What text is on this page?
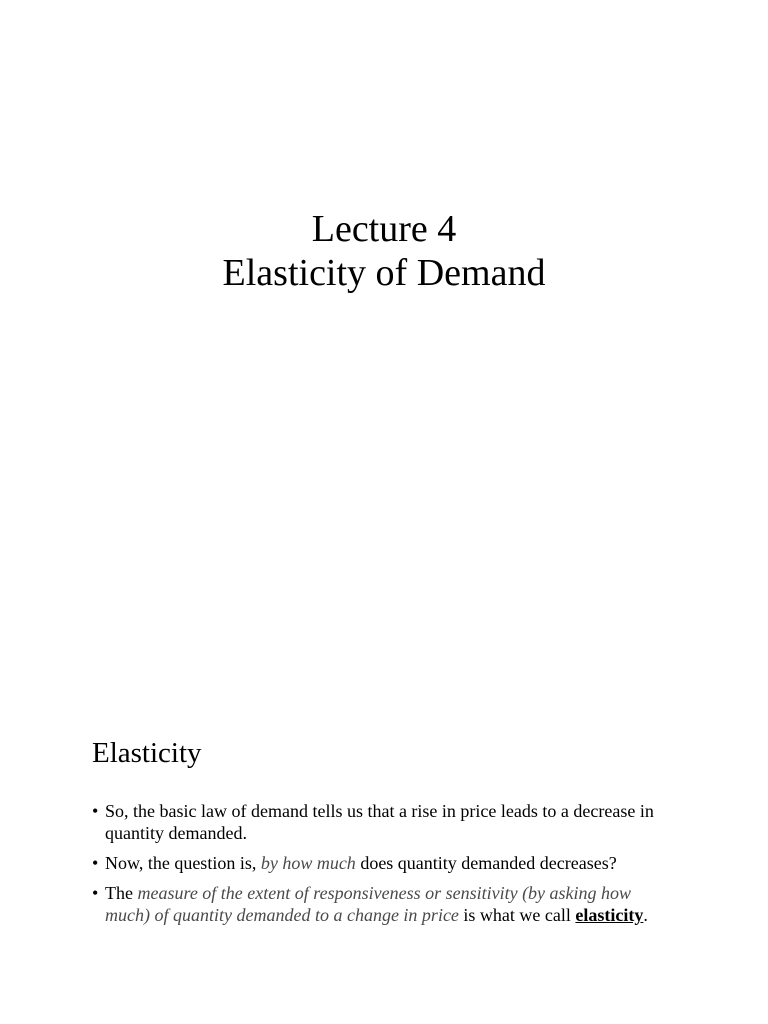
Lecture 4
Elasticity of Demand
Elasticity
• So, the basic law of demand tells us that a rise in price leads to a decrease in quantity demanded.
• Now, the question is, by how much does quantity demanded decreases?
• The measure of the extent of responsiveness or sensitivity (by asking how much) of quantity demanded to a change in price is what we call elasticity.
